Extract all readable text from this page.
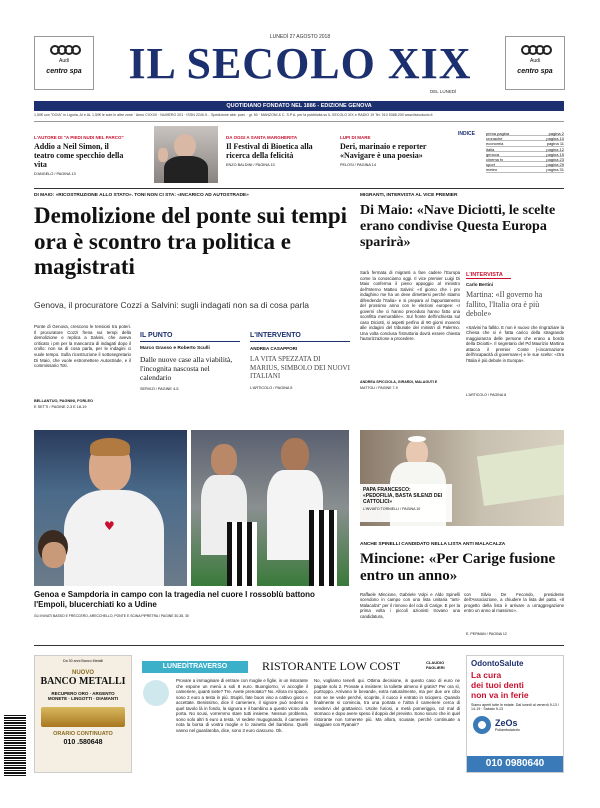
Audi
centro spa
Audi
centro spa
LUNEDÌ 27 AGOSTO 2018
IL SECOLO XIX
DEL LUNEDÌ
QUOTIDIANO FONDATO NEL 1886 - EDIZIONE GENOVA
1,50€ con "DOIA" in Liguria, AI e AL 1,50€ le sole in altre zone · Anno CXXXII · NUMERO 201 · ISSN 2240-9... Spedizione abb. post. · gr. 50 · MANZONI & C. S.P.A. per la pubblicità su IL SECOLO XIX e RADIO 19 Tel. 010 5388.200 www.ilsecoloxix.it
L'AUTORE DI "A PIEDI NUDI NEL PARCO"
Addio a Neil Simon, il teatro come specchio della vita
D'ANGELO / PAGINA 13
DA OGGI A SANTA MARGHERITA
Il Festival di Bioetica alla ricerca della felicità
ENZO BALDINI / PAGINA 13
LUPI DI MARE
Deri, marinaio e reporter «Navigare è una poesia»
PELOSI / PAGINA 14
INDICE	prima pagina	pagina 2
cronache	pagina 10
economia	pagina 11
italia	pagina 12
genova	pagina 15
cinema tv	pagina 23
sport	pagina 29
meteo	pagina 31
DI MAIO: «RICOSTRUZIONE ALLO STATO». TONI NON CI STA: «INCARICO AD AUTOSTRADE»
Demolizione del ponte sui tempi ora è scontro tra politica e magistrati
Genova, il procuratore Cozzi a Salvini: sugli indagati non sa di cosa parla
Ponte di Genova, crescono le tensioni tra poteri. Il procuratore Cozzi frena sui tempi della demolizione e replica a Salvini, che aveva criticato i pm per la mancanza di indagati dopo il crollo: non sa di cosa parla, per le indagini ci vuole tempo. Sulla ricostruzione il sottosegretario Di Maio, che vuole estromettere Autostrade, e il commissario Toti.
BELLANTUO, PAGNINI, FORLEO
E SETTI / PAGINE 2-3 E 18-19
IL PUNTO
Marco Grasso e Roberto Sculli
Dalle nuove case alla viabilità, l'incognita nascosta nel calendario
SERVIZI / PAGINE 4-5
L'INTERVENTO
ANDREA CASAPPORI
LA VITA SPEZZATA DI MARIUS, SIMBOLO DEI NUOVI ITALIANI
L'ARTICOLO / PAGINA 5
MIGRANTI, INTERVISTA AL VICE PREMIER
Di Maio: «Nave Diciotti, le scelte erano condivise Questa Europa sparirà»
Sarà fermata di migranti a fare cadere l'Europa come la conosciamo oggi. Il vice premier Luigi Di Maio conferma il pieno appoggio al ministro dell'Interno Matteo Salvini: «Il giorno che i pm indaghino me ha un deve dimettersi perché stiamo difendendo l'Italia» e si prepara al l'appuntamento del prossimo anno con le elezioni europee: «I governi che ci hanno preceduto hanno fatto una sconfitta memorabile». Sul fronte dell'inchiesta sul caso Diciotti, si aspetti perfino di 90 giorni moversi alle indagini del tribunale dei ministri di Palermo. Una volta conclusa l'istruttoria dovrà essere chiesta l'autorizzazione a procedere.
ANDREA SPICCIOLA, GIRARDI, MALAGUTI E
MATTOLI / PAGINE 7-9
L'INTERVISTA
Carlo Bertini
Martina: «Il governo ha fallito, l'Italia ora è più debole»
«Salvini ha fallito. E non è nuovo che ringraziare la Chiesa che si è fatta carico della stragrande maggioranza delle persone che erano a bordo della Diciotti». Il segretario del Pd Maurizio Martina attacca il premier Conte («incarnazione dell'incapacità di governare») e le sue scelte: «Ora l'Italia è più debole in Europa».
L'ARTICOLO / PAGINA 8
♥
Genoa e Sampdoria in campo con la tragedia nel cuore I rossoblù battono l'Empoli, blucerchiati ko a Udine
GLI INVIATI BASSO E FRECCERO, ARECCHELLO, PONTE E SCINA PIPRETRA / PAGINE 30-35, 30
PAPA FRANCESCO:
«PEDOFILIA, BASTA SILENZI DEI CATTOLICI»
L'INVIATO TORNIELLI / PAGINA 10
ANCHE SPINELLI CANDIDATO NELLA LISTA ANTI MALACALZA
Mincione: «Per Carige fusione entro un anno»
Raffaele Mincione, Gabriele Volpi e Aldo Spinelli scendono in campo con una lista unitaria "anti-Malacalza" per il rinnovo del cda di Carige. E per la prima volta i piccoli azionisti trovano una candidatura,
con Silvio De Fecondo, presidente dell'Associazione, a chiudere la lista del patto. «Il progetto della lista è arrivare a un'aggregazione entro un anno al massimo».
E. PERMAN / PAGINA 12
Da 30 anni Banco Metalli
NUOVO
BANCO METALLI
RECUPERO ORO · ARGENTO
MONETE · LINGOTTI · DIAMANTI
ORARIO CONTINUATO
010 .580648
LUNEDÌTRAVERSO	RISTORANTE LOW COST	CLAUDIO PAGLIERI
Provare a immaginare di entrare con moglie e figlie, in un ristorante che espone un menù a soli 8 euro. Buongiorno, vi accoglie il cameriere, quanti siete? Tre. Avete prenotato? No. Allora mi spiace, sono 2 euro a testa in più. Stupiti, fate buon viso a cattivo gioco e accettate. Benissimo, dice il cameriere, il signore può sedersi a quel tavolo là in fondo, la signora e il bambino a questo vicino alla porta. No scusi, vorremmo stare tutti insieme. Nessun problema, sono solo altri 5 euro a testa. Vi sedete mugugnando, il cameriere nota la borsa di vostra moglie e lo zainetto del bambino. Quelli vanno nel guardaroba, dice, sono 3 euro ciascuno. Ok.
No, vogliamo tenerli qui. Ottima decisione, in questo caso di euro ne pagate solo 2. Provate a insistere: la toilette almeno è gratis? Per ora sì, purtroppo. Arrivano le bevande, extra naturalmente, ma per due ore cibo non se ne vede perché, scoprite, il cuoco è entrato in sciopero. Quando finalmente si comincia, tra una portata e l'altra il cameriere cerca di vendervi del grattavinci. Uscite furiosi, a metà pomeriggio, col mal di stomaco e dopo avere speso il doppio del previsto. Sono sicuro che in quel ristorante non tornerete più. Ma allora, scusate, perché continuate a viaggiare con Ryanair?
OdontoSalute
La cura
dei tuoi denti
non va in ferie
Siamo aperti tutte le estate. Dal lunedì al venerdì 9-13 / 14-19 · Sabato 9-13
ZeOs
Poliambulatorio
010 0980640
